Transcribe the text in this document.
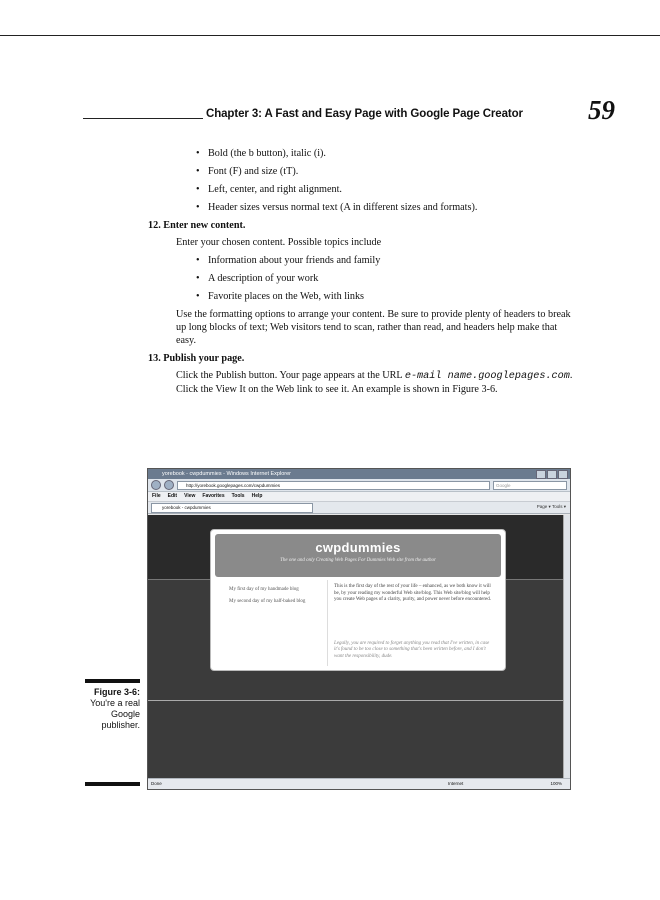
Chapter 3: A Fast and Easy Page with Google Page Creator 59
• Bold (the b button), italic (i).
• Font (F) and size (tT).
• Left, center, and right alignment.
• Header sizes versus normal text (A in different sizes and formats).
12. Enter new content.
Enter your chosen content. Possible topics include
• Information about your friends and family
• A description of your work
• Favorite places on the Web, with links
Use the formatting options to arrange your content. Be sure to provide plenty of headers to break up long blocks of text; Web visitors tend to scan, rather than read, and headers help make that easy.
13. Publish your page.
Click the Publish button. Your page appears at the URL e-mail name.googlepages.com. Click the View It on the Web link to see it. An example is shown in Figure 3-6.
yorebook - cwpdummies - Windows Internet Explorer
http://yorebook.googlepages.com/cwpdummies	Google
File Edit View Favorites Tools Help
yorebook - cwpdummies	Page ▾ Tools ▾
cwpdummies
The one and only Creating Web Pages For Dummies Web site from the author
My first day of my handmade blog
My second day of my half-baked blog
This is the first day of the rest of your life – enhanced, as we both know it will be, by your reading my wonderful Web site/blog. This Web site/blog will help you create Web pages of a clarity, purity, and power never before encountered.
Legally, you are required to forget anything you read that I've written, in case it's found to be too close to something that's been written before, and I don't want the responsibility, dude.
Done	Internet	100%
Figure 3-6:
You're a real Google publisher.
